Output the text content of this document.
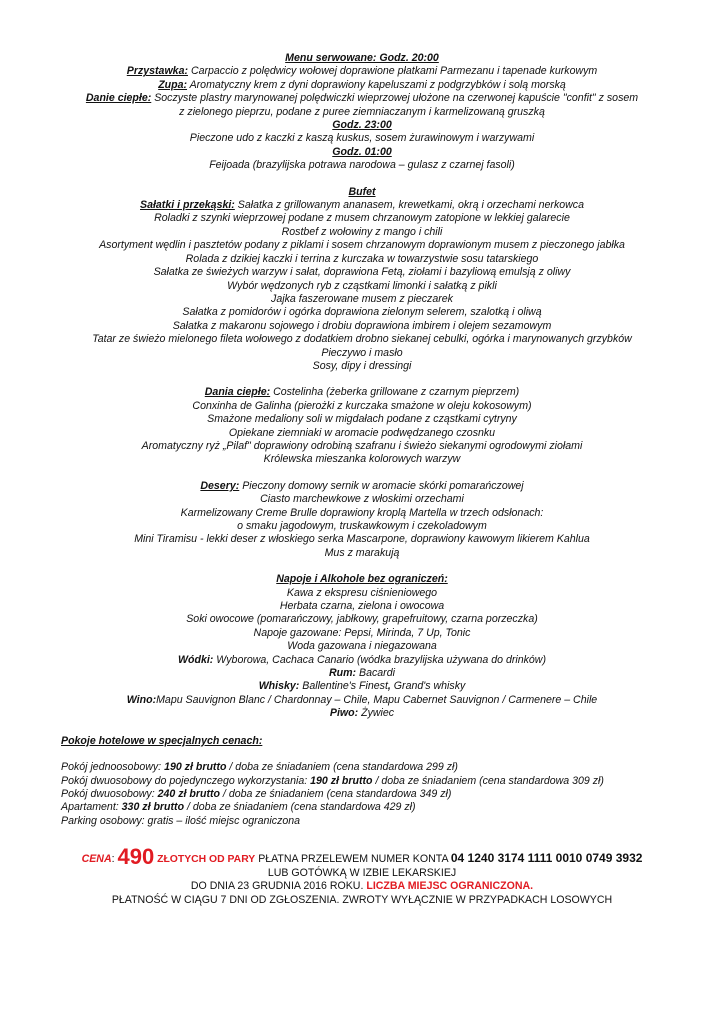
Menu serwowane: Godz. 20:00
Przystawka: Carpaccio z polędwicy wołowej doprawione płatkami Parmezanu i tapenade kurkowym
Zupa: Aromatyczny krem z dyni doprawiony kapeluszami z podgrzybków i solą morską
Danie ciepłe: Soczyste plastry marynowanej polędwiczki wieprzowej ułożone na czerwonej kapuście "confit" z sosem
z zielonego pieprzu, podane z puree ziemniaczanym i karmelizowaną gruszką
Godz. 23:00
Pieczone udo z kaczki z kaszą kuskus, sosem żurawinowym i warzywami
Godz. 01:00
Feijoada (brazylijska potrawa narodowa – gulasz z czarnej fasoli)
Bufet
Sałatki i przekąski: Sałatka z grillowanym ananasem, krewetkami, okrą i orzechami nerkowca
Roladki z szynki wieprzowej podane z musem chrzanowym zatopione w lekkiej galarecie
Rostbef z wołowiny z mango i chili
Asortyment wędlin i pasztetów podany z piklami i sosem chrzanowym doprawionym musem z pieczonego jabłka
Rolada z dzikiej kaczki i terrina z kurczaka w towarzystwie sosu tatarskiego
Sałatka ze świeżych warzyw i sałat, doprawiona Fetą, ziołami i bazyliową emulsją z oliwy
Wybór wędzonych ryb z cząstkami limonki i sałatką z pikli
Jajka faszerowane musem z pieczarek
Sałatka z pomidorów i ogórka doprawiona zielonym selerem, szalotką i oliwą
Sałatka z makaronu sojowego i drobiu doprawiona imbirem i olejem sezamowym
Tatar ze świeżo mielonego fileta wołowego z dodatkiem drobno siekanej cebulki, ogórka i marynowanych grzybków
Pieczywo i masło
Sosy, dipy i dressingi
Dania ciepłe: Costelinha (żeberka grillowane z czarnym pieprzem)
Conxinha de Galinha (pierożki z kurczaka smażone w oleju kokosowym)
Smażone medaliony soli w migdałach podane z cząstkami cytryny
Opiekane ziemniaki w aromacie podwędzanego czosnku
Aromatyczny ryż „Pilaf" doprawiony odrobiną szafranu i świeżo siekanymi ogrodowymi ziołami
Królewska mieszanka kolorowych warzyw
Desery: Pieczony domowy sernik w aromacie skórki pomarańczowej
Ciasto marchewkowe z włoskimi orzechami
Karmelizowany Creme Brulle doprawiony kroplą Martella w trzech odsłonach:
o smaku jagodowym, truskawkowym i czekoladowym
Mini Tiramisu - lekki deser z włoskiego serka Mascarpone, doprawiony kawowym likierem Kahlua
Mus z marakują
Napoje i Alkohole bez ograniczeń:
Kawa z ekspresu ciśnieniowego
Herbata czarna, zielona i owocowa
Soki owocowe (pomarańczowy, jabłkowy, grapefruitowy, czarna porzeczka)
Napoje gazowane: Pepsi, Mirinda, 7 Up, Tonic
Woda gazowana i niegazowana
Wódki: Wyborowa, Cachaca Canario (wódka brazylijska używana do drinków)
Rum: Bacardi
Whisky: Ballentine's Finest, Grand's whisky
Wino:Mapu Sauvignon Blanc / Chardonnay – Chile, Mapu Cabernet Sauvignon / Carmenere – Chile
Piwo: Żywiec
Pokoje hotelowe w specjalnych cenach:
Pokój jednoosobowy: 190 zł brutto / doba ze śniadaniem (cena standardowa 299 zł)
Pokój dwuosobowy do pojedynczego wykorzystania: 190 zł brutto / doba ze śniadaniem (cena standardowa 309 zł)
Pokój dwuosobowy: 240 zł brutto / doba ze śniadaniem (cena standardowa 349 zł)
Apartament: 330 zł brutto / doba ze śniadaniem (cena standardowa 429 zł)
Parking osobowy: gratis – ilość miejsc ograniczona
CENA: 490 ZŁOTYCH OD PARY PŁATNA PRZELEWEM NUMER KONTA 04 1240 3174 1111 0010 0749 3932
LUB GOTÓWKĄ W IZBIE LEKARSKIEJ
DO DNIA 23 GRUDNIA 2016 ROKU. LICZBA MIEJSC OGRANICZONA.
PŁATNOŚĆ W CIĄGU 7 DNI OD ZGŁOSZENIA. ZWROTY WYŁĄCZNIE W PRZYPADKACH LOSOWYCH
